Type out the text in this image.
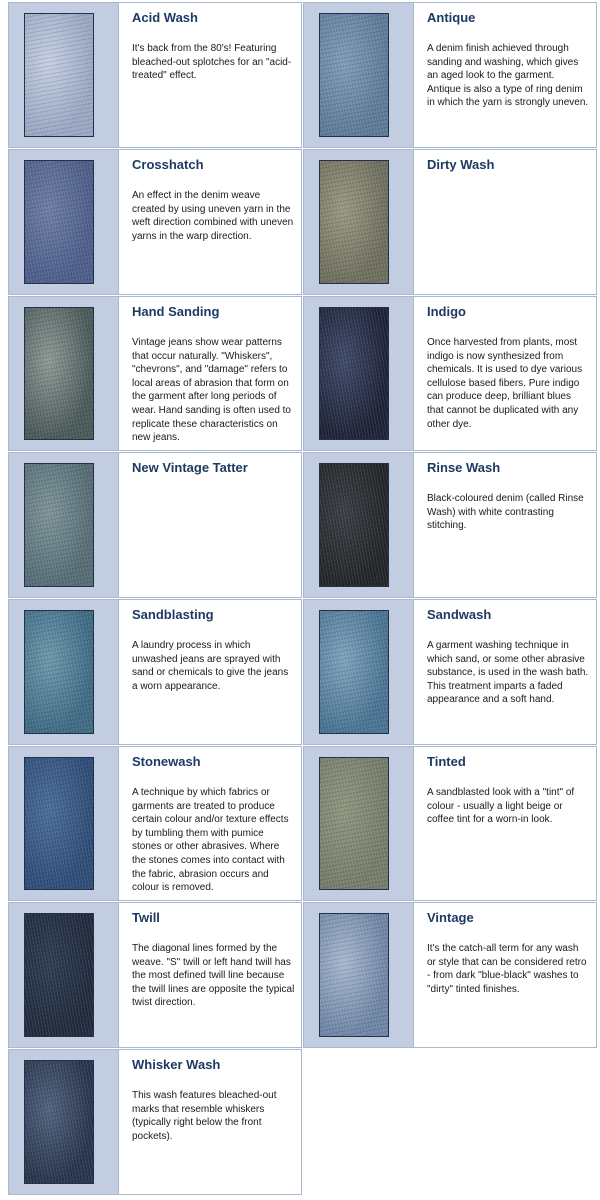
Acid Wash
It's back from the 80's! Featuring bleached-out splotches for an "acid-treated" effect.
Antique
A denim finish achieved through sanding and washing, which gives an aged look to the garment. Antique is also a type of ring denim in which the yarn is strongly uneven.
Crosshatch
An effect in the denim weave created by using uneven yarn in the weft direction combined with uneven yarns in the warp direction.
Dirty Wash
Hand Sanding
Vintage jeans show wear patterns that occur naturally. "Whiskers", "chevrons", and "damage" refers to local areas of abrasion that form on the garment after long periods of wear. Hand sanding is often used to replicate these characteristics on new jeans.
Indigo
Once harvested from plants, most indigo is now synthesized from chemicals. It is used to dye various cellulose based fibers. Pure indigo can produce deep, brilliant blues that cannot be duplicated with any other dye.
New Vintage Tatter	Rinse Wash
Black-coloured denim (called Rinse Wash) with white contrasting stitching.
Sandblasting
A laundry process in which unwashed jeans are sprayed with sand or chemicals to give the jeans a worn appearance.
Sandwash
A garment washing technique in which sand, or some other abrasive substance, is used in the wash bath. This treatment imparts a faded appearance and a soft hand.
Stonewash
A technique by which fabrics or garments are treated to produce certain colour and/or texture effects by tumbling them with pumice stones or other abrasives. Where the stones comes into contact with the fabric, abrasion occurs and colour is removed.
Tinted
A sandblasted look with a "tint" of colour - usually a light beige or coffee tint for a worn-in look.
Twill
The diagonal lines formed by the weave. "S" twill or left hand twill has the most defined twill line because the twill lines are opposite the typical twist direction.
Vintage
It's the catch-all term for any wash or style that can be considered retro - from dark "blue-black" washes to "dirty" tinted finishes.
Whisker Wash
This wash features bleached-out marks that resemble whiskers (typically right below the front pockets).
